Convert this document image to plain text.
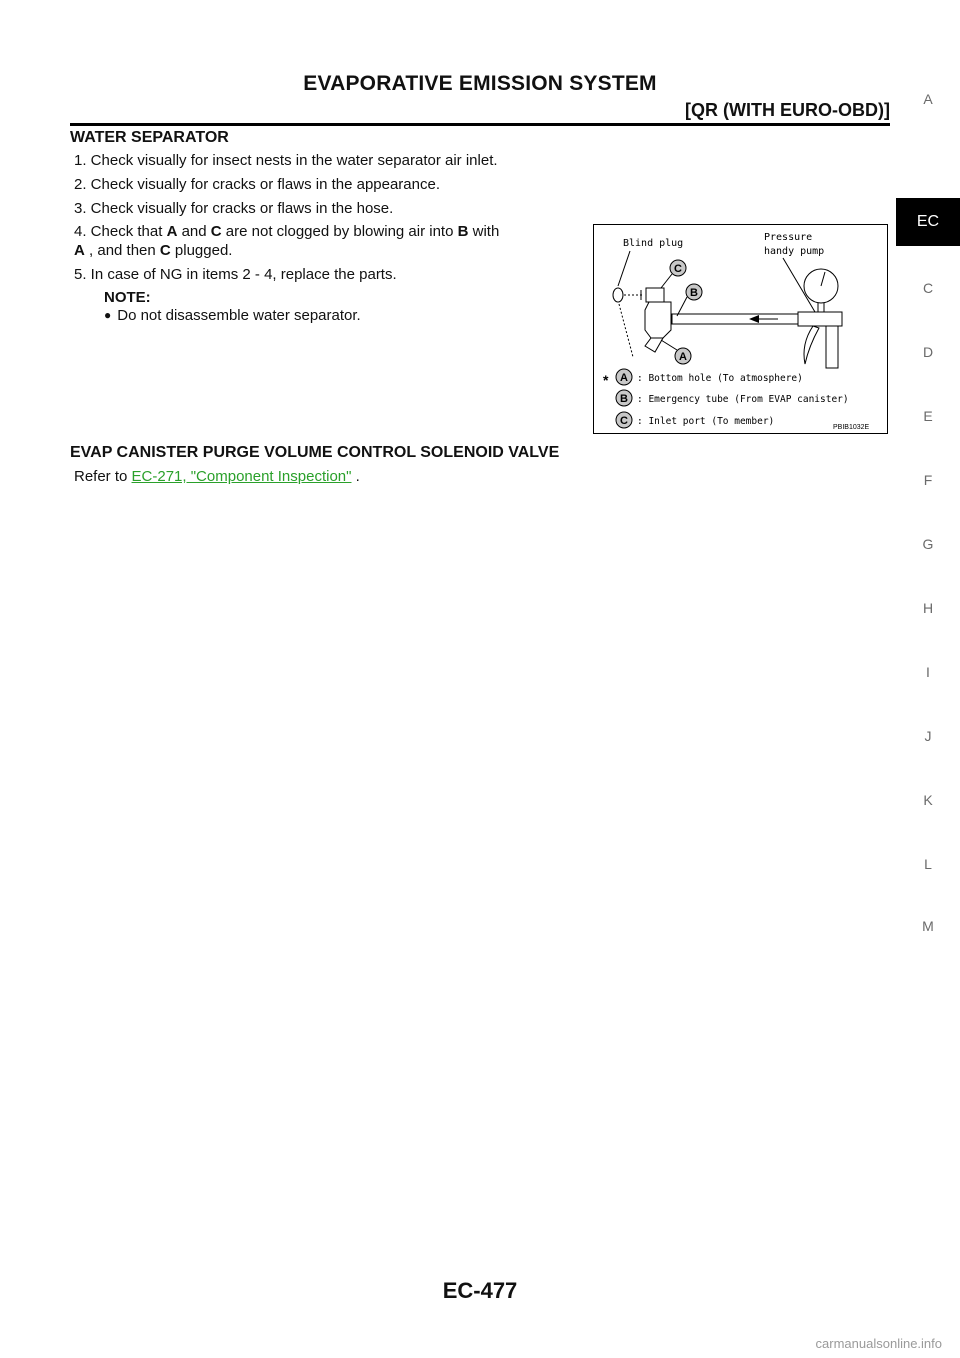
EVAPORATIVE EMISSION SYSTEM
[QR (WITH EURO-OBD)]
WATER SEPARATOR
1. Check visually for insect nests in the water separator air inlet.
2. Check visually for cracks or flaws in the appearance.
3. Check visually for cracks or flaws in the hose.
4. Check that A and C are not clogged by blowing air into B with
A , and then C plugged.
5. In case of NG in items 2 - 4, replace the parts.
NOTE:
● Do not disassemble water separator.
Blind plug
Pressure
handy pump
C
B
A
* A : Bottom hole (To atmosphere)
B : Emergency tube (From EVAP canister)
C : Inlet port (To member)
PBIB1032E
EVAP CANISTER PURGE VOLUME CONTROL SOLENOID VALVE
Refer to EC-271, "Component Inspection" .
A
EC
C
D
E
F
G
H
I
J
K
L
M
EC-477
carmanualsonline.info
